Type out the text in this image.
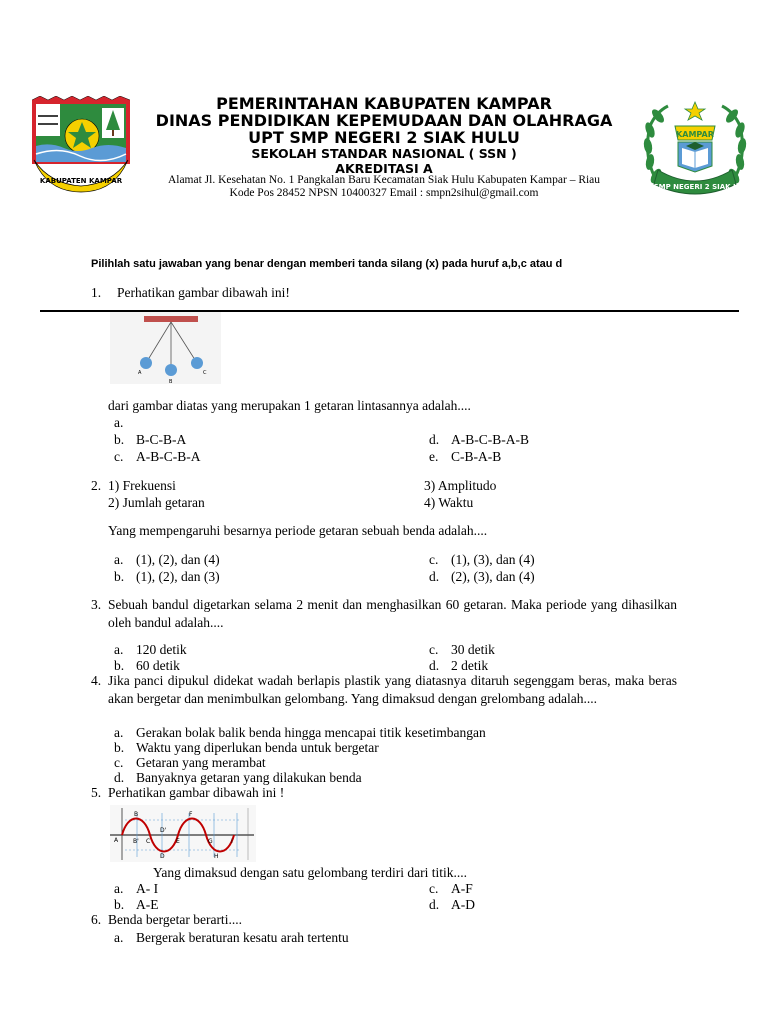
KABUPATEN KAMPAR
KAMPAR
UPT SMP NEGERI 2 SIAK HULU
PEMERINTAHAN KABUPATEN KAMPAR
DINAS PENDIDIKAN KEPEMUDAAN DAN OLAHRAGA
UPT SMP NEGERI 2 SIAK HULU
SEKOLAH STANDAR NASIONAL ( SSN )
AKREDITASI A
Alamat Jl. Kesehatan No. 1 Pangkalan Baru Kecamatan Siak Hulu Kabupaten Kampar – Riau
Kode Pos 28452 NPSN 10400327 Email : smpn2sihul@gmail.com
Pilihlah satu jawaban yang benar dengan memberi tanda silang (x) pada huruf a,b,c atau d
1. Perhatikan gambar dibawah ini!
A
B
C
dari gambar diatas yang merupakan 1 getaran lintasannya adalah....
a.
b. B-C-B-A
c. A-B-C-B-A
d. A-B-C-B-A-B
e. C-B-A-B
2. 1) Frekuensi
2) Jumlah getaran
3) Amplitudo
4) Waktu
Yang mempengaruhi besarnya periode getaran sebuah benda adalah....
a. (1), (2), dan (4)
b. (1), (2), dan (3)
c. (1), (3), dan (4)
d. (2), (3), dan (4)
3. Sebuah bandul digetarkan selama 2 menit dan menghasilkan 60 getaran. Maka periode yang dihasilkan oleh bandul adalah....
a. 120 detik
b. 60 detik
c. 30 detik
d. 2 detik
4. Jika panci dipukul didekat wadah berlapis plastik yang diatasnya ditaruh segenggam beras, maka beras akan bergetar dan menimbulkan gelombang. Yang dimaksud dengan grelombang adalah....
a. Gerakan bolak balik benda hingga mencapai titik kesetimbangan
b. Waktu yang diperlukan benda untuk bergetar
c. Getaran yang merambat
d. Banyaknya getaran yang dilakukan benda
5. Perhatikan gambar dibawah ini !
A
B
B' C
D'
D
E
F
G
H
I
Yang dimaksud dengan satu gelombang terdiri dari titik....
a. A- I
b. A-E
c. A-F
d. A-D
6. Benda bergetar berarti....
a. Bergerak beraturan kesatu arah tertentu
